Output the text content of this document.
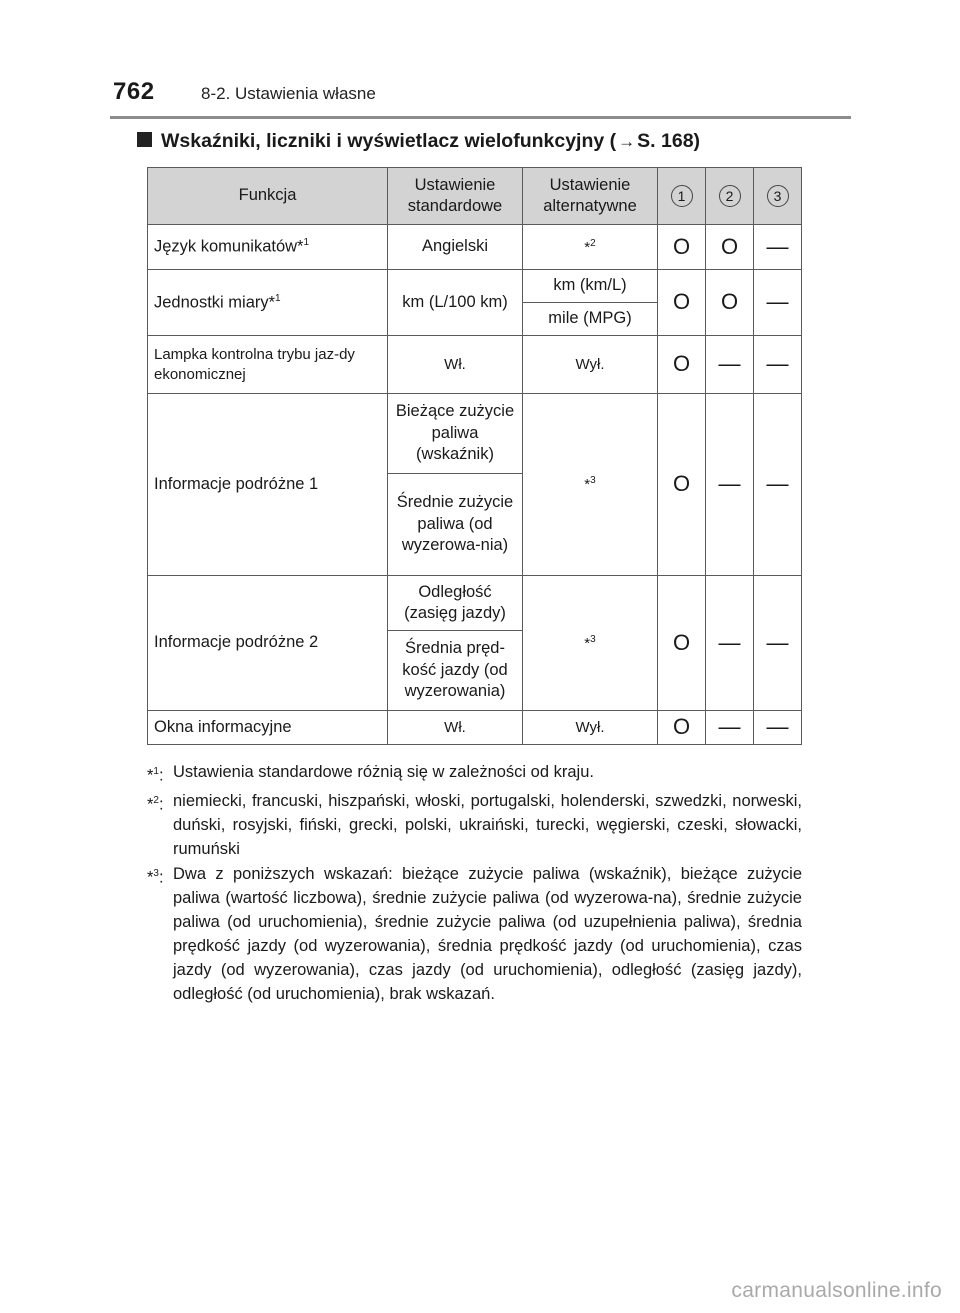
762	8-2. Ustawienia własne
Wskaźniki, liczniki i wyświetlacz wielofunkcyjny ( → S. 168)
Funkcja	Ustawienie standardowe	Ustawienie alternatywne	1	2	3
Język komunikatów*$^1$	Angielski	*$^2$	O	O	—
Jednostki miary*$^1$	km (L/100 km)	km (km/L)	O	O	—
		mile (MPG)			
Lampka kontrolna trybu jaz-dy ekonomicznej	Wł.	Wył.	O	—	—
Informacje podróżne 1	Bieżące zużycie paliwa (wskaźnik)	*$^3$	O	—	—
	Średnie zużycie paliwa (od wyzerowa-nia)				
Informacje podróżne 2	Odległość (zasięg jazdy)	*$^3$	O	—	—
	Średnia pręd-kość jazdy (od wyzerowania)				
Okna informacyjne	Wł.	Wył.	O	—	—
*$^1$: Ustawienia standardowe różnią się w zależności od kraju.
*$^2$: niemiecki, francuski, hiszpański, włoski, portugalski, holenderski, szwedzki, norweski, duński, rosyjski, fiński, grecki, polski, ukraiński, turecki, węgierski, czeski, słowacki, rumuński
*$^3$: Dwa z poniższych wskazań: bieżące zużycie paliwa (wskaźnik), bieżące zużycie paliwa (wartość liczbowa), średnie zużycie paliwa (od wyzerowa-na), średnie zużycie paliwa (od uruchomienia), średnie zużycie paliwa (od uzupełnienia paliwa), średnia prędkość jazdy (od wyzerowania), średnia prędkość jazdy (od uruchomienia), czas jazdy (od wyzerowania), czas jazdy (od uruchomienia), odległość (zasięg jazdy), odległość (od uruchomienia), brak wskazań.
carmanualsonline.info
